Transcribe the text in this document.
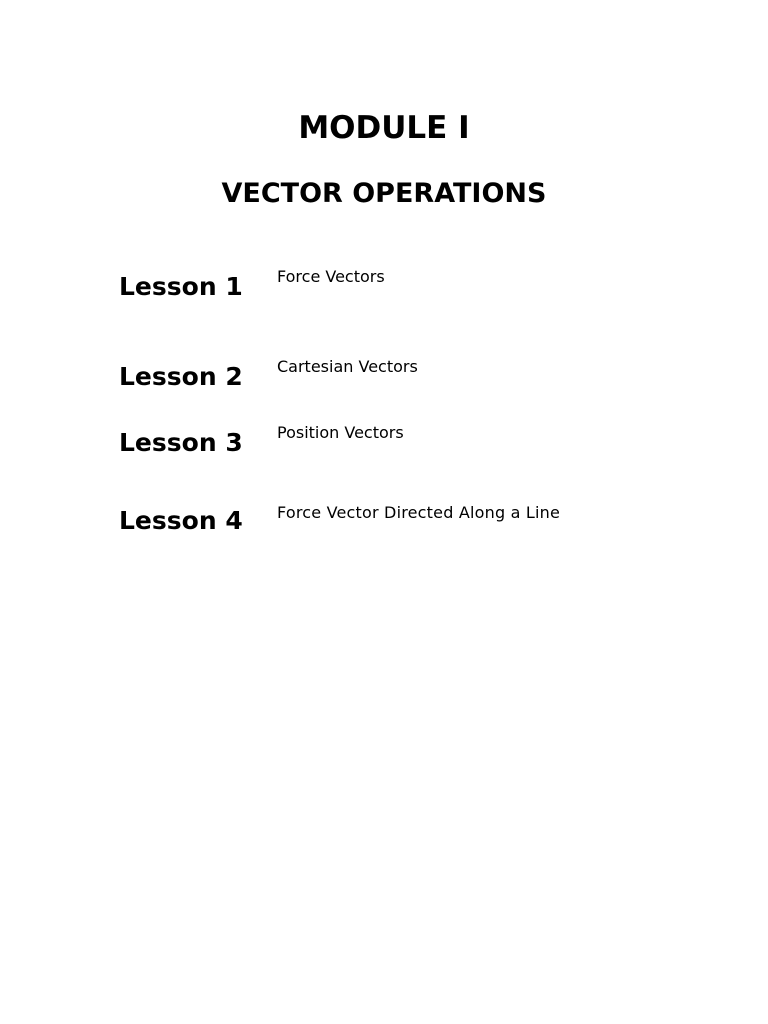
MODULE I
VECTOR OPERATIONS
Lesson 1 Force Vectors
Lesson 2 Cartesian Vectors
Lesson 3 Position Vectors
Lesson 4 Force Vector Directed Along a Line
